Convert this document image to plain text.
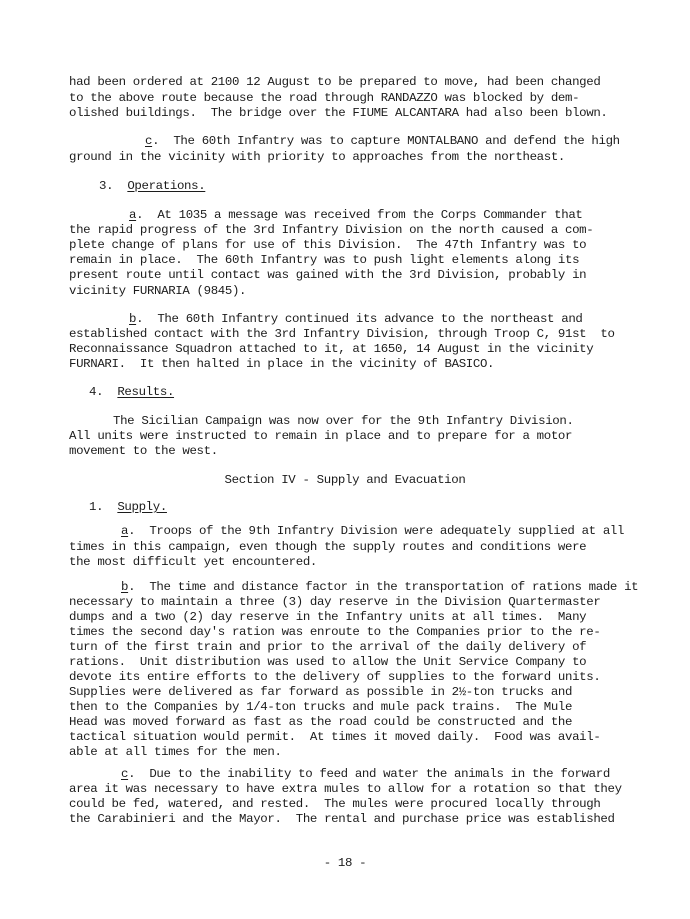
had been ordered at 2100 12 August to be prepared to move, had been changed

to the above route because the road through RANDAZZO was blocked by dem-

olished buildings.  The bridge over the FIUME ALCANTARA had also been blown.

c.  The 60th Infantry was to capture MONTALBANO and defend the high

ground in the vicinity with priority to approaches from the northeast.

3. Operations.

a.  At 1035 a message was received from the Corps Commander that

the rapid progress of the 3rd Infantry Division on the north caused a com-

plete change of plans for use of this Division.  The 47th Infantry was to

remain in place.  The 60th Infantry was to push light elements along its

present route until contact was gained with the 3rd Division, probably in

vicinity FURNARIA (9845).

b.  The 60th Infantry continued its advance to the northeast and

established contact with the 3rd Infantry Division, through Troop C, 91st  to

Reconnaissance Squadron attached to it, at 1650, 14 August in the vicinity

FURNARI.  It then halted in place in the vicinity of BASICO.

4. Results.

The Sicilian Campaign was now over for the 9th Infantry Division.

All units were instructed to remain in place and to prepare for a motor

movement to the west.

Section IV - Supply and Evacuation

1. Supply.

a.  Troops of the 9th Infantry Division were adequately supplied at all

times in this campaign, even though the supply routes and conditions were

the most difficult yet encountered.

b.  The time and distance factor in the transportation of rations made it

necessary to maintain a three (3) day reserve in the Division Quartermaster

dumps and a two (2) day reserve in the Infantry units at all times.  Many

times the second day's ration was enroute to the Companies prior to the re-

turn of the first train and prior to the arrival of the daily delivery of

rations.  Unit distribution was used to allow the Unit Service Company to

devote its entire efforts to the delivery of supplies to the forward units.

Supplies were delivered as far forward as possible in 2½-ton trucks and

then to the Companies by 1/4-ton trucks and mule pack trains.  The Mule

Head was moved forward as fast as the road could be constructed and the

tactical situation would permit.  At times it moved daily.  Food was avail-

able at all times for the men.

c.  Due to the inability to feed and water the animals in the forward

area it was necessary to have extra mules to allow for a rotation so that they

could be fed, watered, and rested.  The mules were procured locally through

the Carabinieri and the Mayor.  The rental and purchase price was established

- 18 -
